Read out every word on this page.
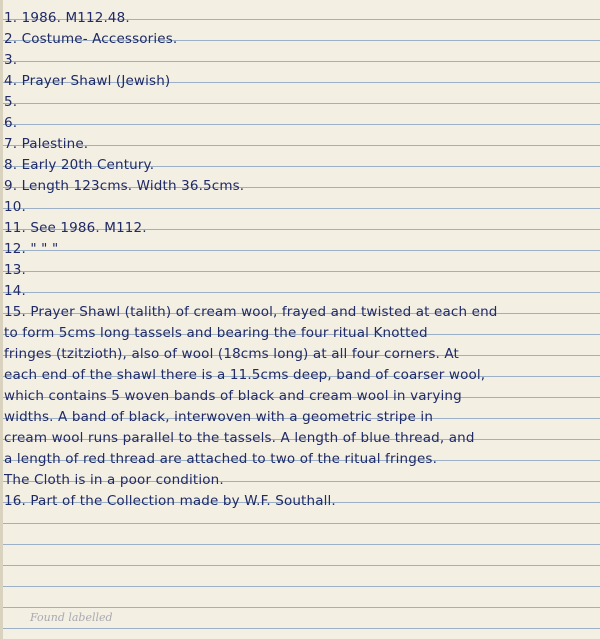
1. 1986. M112.48.
2. Costume- Accessories.
3.
4. Prayer Shawl (Jewish)
5.
6.
7. Palestine.
8. Early 20th Century.
9. Length 123cms. Width 36.5cms.
10.
11. See 1986. M112.
12. " " "
13.
14.
15. Prayer Shawl (talith) of cream wool, frayed and twisted at each end
to form 5cms long tassels and bearing the four ritual Knotted
fringes (tzitzioth), also of wool (18cms long) at all four corners. At
each end of the shawl there is a 11.5cms deep, band of coarser wool,
which contains 5 woven bands of black and cream wool in varying
widths. A band of black, interwoven with a geometric stripe in
cream wool runs parallel to the tassels. A length of blue thread, and
a length of red thread are attached to two of the ritual fringes.
The Cloth is in a poor condition.
16. Part of the Collection made by W.F. Southall.
Found labelled
